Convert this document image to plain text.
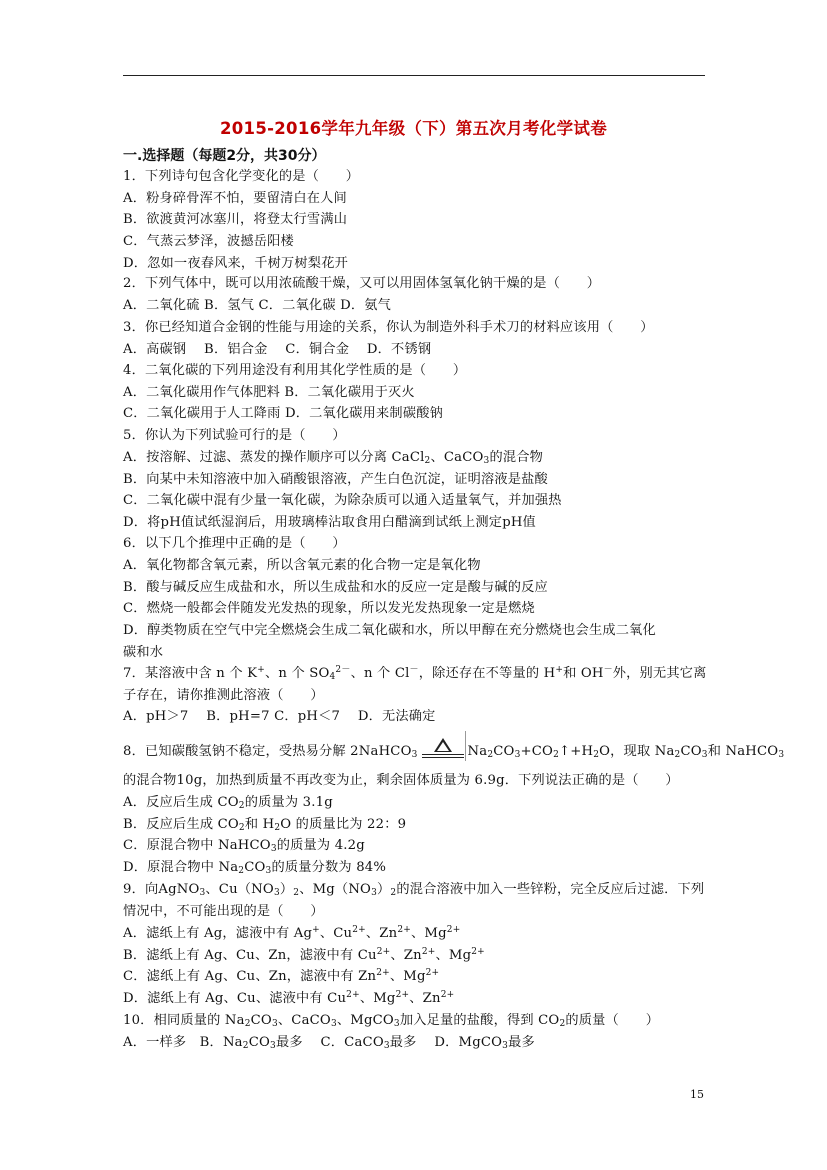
2015-2016学年九年级（下）第五次月考化学试卷
一.选择题（每题2分，共30分）
1．下列诗句包含化学变化的是（　　）
A．粉身碎骨浑不怕，要留清白在人间
B．欲渡黄河冰塞川，将登太行雪满山
C．气蒸云梦泽，波撼岳阳楼
D．忽如一夜春风来，千树万树梨花开
2．下列气体中，既可以用浓硫酸干燥，又可以用固体氢氧化钠干燥的是（　　）
A．二氧化硫 B．氢气 C．二氧化碳 D．氨气
3．你已经知道合金钢的性能与用途的关系，你认为制造外科手术刀的材料应该用（　　）
A．高碳钢　 B．铝合金　 C．铜合金　 D．不锈钢
4．二氧化碳的下列用途没有利用其化学性质的是（　　）
A．二氧化碳用作气体肥料 B．二氧化碳用于灭火
C．二氧化碳用于人工降雨 D．二氧化碳用来制碳酸钠
5．你认为下列试验可行的是（　　）
A．按溶解、过滤、蒸发的操作顺序可以分离 CaCl$_2$、CaCO$_3$的混合物
B．向某中未知溶液中加入硝酸银溶液，产生白色沉淀，证明溶液是盐酸
C．二氧化碳中混有少量一氧化碳，为除杂质可以通入适量氧气，并加强热
D．将pH值试纸湿润后，用玻璃棒沾取食用白醋滴到试纸上测定pH值
6．以下几个推理中正确的是（　　）
A．氧化物都含氧元素，所以含氧元素的化合物一定是氧化物
B．酸与碱反应生成盐和水，所以生成盐和水的反应一定是酸与碱的反应
C．燃烧一般都会伴随发光发热的现象，所以发光发热现象一定是燃烧
D．醇类物质在空气中完全燃烧会生成二氧化碳和水，所以甲醇在充分燃烧也会生成二氧化
碳和水
7．某溶液中含 n 个 K+、n 个 $SO_4^{2-}$、n 个 Cl－，除还存在不等量的 H+和 OH－外，别无其它离
子存在，请你推测此溶液（　　）
A．pH＞7　 B．pH=7 C．pH＜7　 D．无法确定
8．已知碳酸氢钠不稳定，受热易分解 2NaHCO$_3$	$Na_2CO_3+CO_2↑+H_2O$，现取 $Na_2CO_3$和 NaHCO$_3$
的混合物10g，加热到质量不再改变为止，剩余固体质量为 6.9g．下列说法正确的是（　　）
A．反应后生成 $CO_2$的质量为 3.1g
B．反应后生成 $CO_2$和 $H_2O$ 的质量比为 22：9
C．原混合物中 NaHCO$_3$的质量为 4.2g
D．原混合物中 $Na_2CO_3$的质量分数为 84%
9．向AgNO$_3$、$Cu(NO_3)_2$、$Mg(NO_3)_2$的混合溶液中加入一些锌粉，完全反应后过滤．下列
情况中，不可能出现的是（　　）
A．滤纸上有 Ag，滤液中有 Ag+、$Cu^{2+}$、$Zn^{2+}$、$Mg^{2+}$
B．滤纸上有 Ag、Cu、Zn，滤液中有 $Cu^{2+}$、$Zn^{2+}$、$Mg^{2+}$
C．滤纸上有 Ag、Cu、Zn，滤液中有 $Zn^{2+}$、$Mg^{2+}$
D．滤纸上有 Ag、Cu、滤液中有 $Cu^{2+}$、$Mg^{2+}$、$Zn^{2+}$
10．相同质量的 $Na_2CO_3$、CaCO$_3$、MgCO$_3$加入足量的盐酸，得到 $CO_2$的质量（　　）
A．一样多　B．$Na_2CO_3$最多　 C．CaCO$_3$最多　 D．MgCO$_3$最多
15
